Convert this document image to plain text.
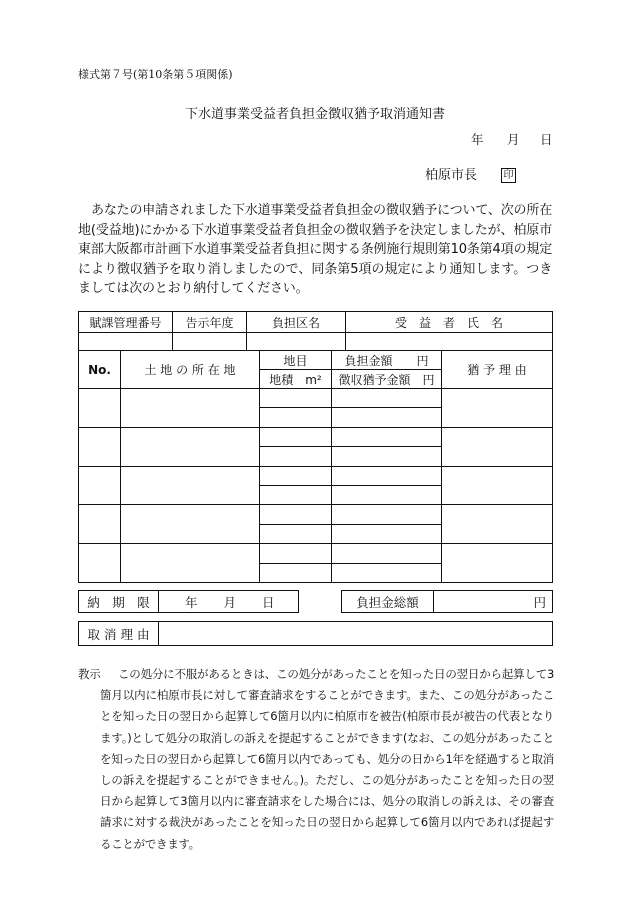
様式第７号(第10条第５項関係)
下水道事業受益者負担金徴収猶予取消通知書
年 月 日
柏原市長	印
あなたの申請されました下水道事業受益者負担金の徴収猶予について、次の所在地(受益地)にかかる下水道事業受益者負担金の徴収猶予を決定しましたが、柏原市東部大阪都市計画下水道事業受益者負担に関する条例施行規則第10条第4項の規定により徴収猶予を取り消しましたので、同条第5項の規定により通知します。つきましては次のとおり納付してください。
賦課管理番号	告示年度	負担区名	受　益　者　氏　名

No.	土 地 の 所 在 地	地目	負担金額　　円	猶 予 理 由
		地積　m²	徴収猶予金額　円	

納　期　限	年 月 日	負担金総額	円
取 消 理 由	
教示	この処分に不服があるときは、この処分があったことを知った日の翌日から起算して3箇月以内に柏原市長に対して審査請求をすることができます。また、この処分があったことを知った日の翌日から起算して6箇月以内に柏原市を被告(柏原市長が被告の代表となります。)として処分の取消しの訴えを提起することができます(なお、この処分があったことを知った日の翌日から起算して6箇月以内であっても、処分の日から1年を経過すると取消しの訴えを提起することができません。)。ただし、この処分があったことを知った日の翌日から起算して3箇月以内に審査請求をした場合には、処分の取消しの訴えは、その審査請求に対する裁決があったことを知った日の翌日から起算して6箇月以内であれば提起することができます。
